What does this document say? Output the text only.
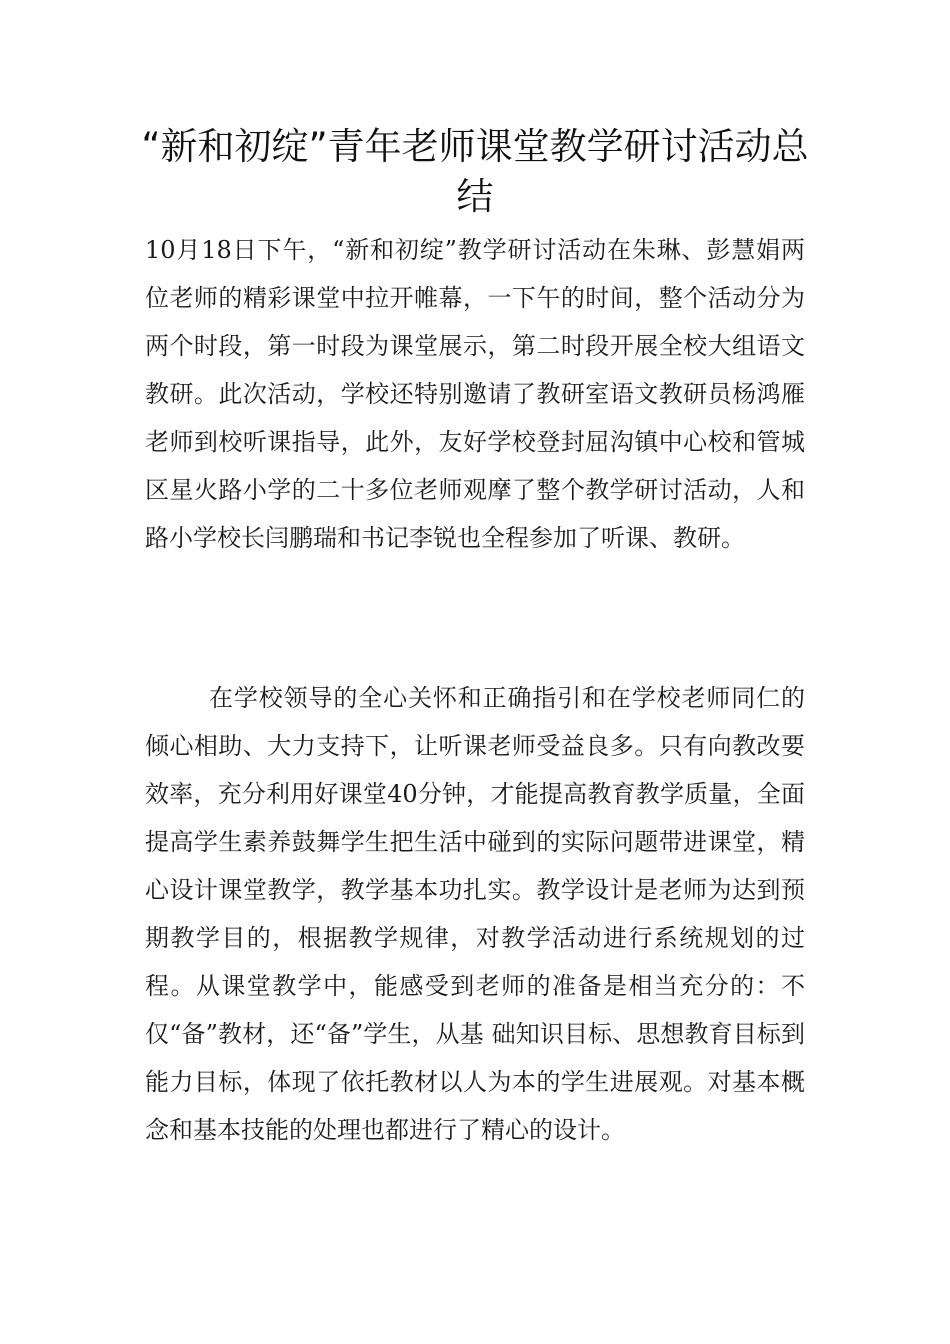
“新和初绽”青年老师课堂教学研讨活动总结

10月18日下午，“新和初绽”教学研讨活动在朱琳、彭慧娟两位老师的精彩课堂中拉开帷幕，一下午的时间，整个活动分为两个时段，第一时段为课堂展示，第二时段开展全校大组语文教研。此次活动，学校还特别邀请了教研室语文教研员杨鸿雁老师到校听课指导，此外，友好学校登封屈沟镇中心校和管城区星火路小学的二十多位老师观摩了整个教学研讨活动，人和路小学校长闫鹏瑞和书记李锐也全程参加了听课、教研。

在学校领导的全心关怀和正确指引和在学校老师同仁的倾心相助、大力支持下，让听课老师受益良多。只有向教改要效率，充分利用好课堂40分钟，才能提高教育教学质量，全面提高学生素养鼓舞学生把生活中碰到的实际问题带进课堂，精心设计课堂教学，教学基本功扎实。教学设计是老师为达到预期教学目的，根据教学规律，对教学活动进行系统规划的过程。从课堂教学中，能感受到老师的准备是相当充分的：不仅“备”教材，还“备”学生，从基 础知识目标、思想教育目标到能力目标，体现了依托教材以人为本的学生进展观。对基本概念和基本技能的处理也都进行了精心的设计。
